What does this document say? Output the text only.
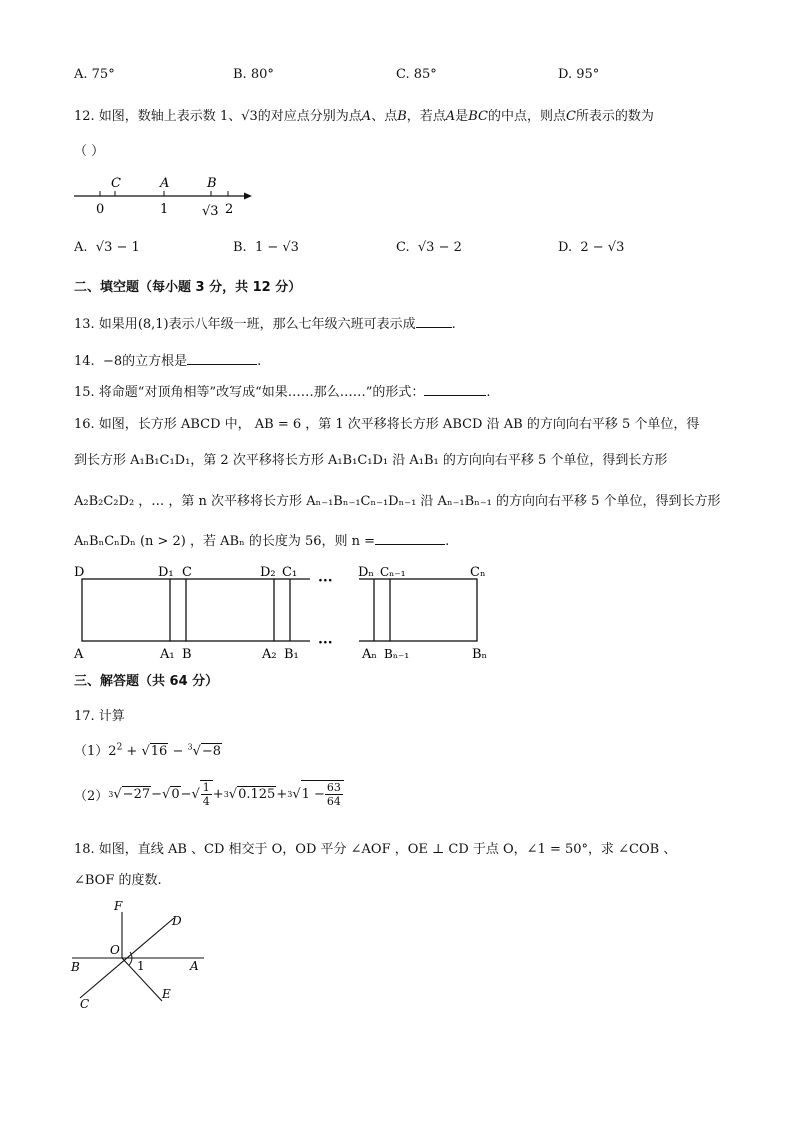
A. 75°	B. 80°	C. 85°	D. 95°
12. 如图，数轴上表示数 1、√3的对应点分别为点A、点B，若点A是BC的中点，则点C所表示的数为
（ ）
C	A	B
0	1	√3 2
A. √3 − 1	B. 1 − √3	C. √3 − 2	D. 2 − √3
二、填空题（每小题 3 分，共 12 分）
13. 如果用(8,1)表示八年级一班，那么七年级六班可表示成	.
14. −8的立方根是	.
15. 将命题“对顶角相等”改写成“如果……那么……”的形式：	.
16. 如图，长方形 ABCD 中， AB = 6 ，第 1 次平移将长方形 ABCD 沿 AB 的方向向右平移 5 个单位，得
到长方形 A₁B₁C₁D₁，第 2 次平移将长方形 A₁B₁C₁D₁ 沿 A₁B₁ 的方向向右平移 5 个单位，得到长方形
A₂B₂C₂D₂ ，… ，第 n 次平移将长方形 Aₙ₋₁Bₙ₋₁Cₙ₋₁Dₙ₋₁ 沿 Aₙ₋₁Bₙ₋₁ 的方向向右平移 5 个单位，得到长方形
AₙBₙCₙDₙ (n > 2) ，若 ABₙ 的长度为 56，则 n =	.
D	D₁ C	D₂ C₁
···
Dₙ Cₙ₋₁	Cₙ
A	A₁ B	A₂ B₁
···
Aₙ Bₙ₋₁	Bₙ
三、解答题（共 64 分）
17. 计算
$(1)2^2 + √16 - ^3√-8$
（2） 3 √ −27 − √ 0 − √ $\frac{1}{4} + 3$ √ 0.125 + 3 √ $1 - \frac{63}{64}$
18. 如图，直线 AB 、CD 相交于 O，OD 平分 ∠AOF ，OE ⊥ CD 于点 O，∠1 = 50°，求 ∠COB 、
∠BOF 的度数.
F
D
O
B	1	A
C
E
